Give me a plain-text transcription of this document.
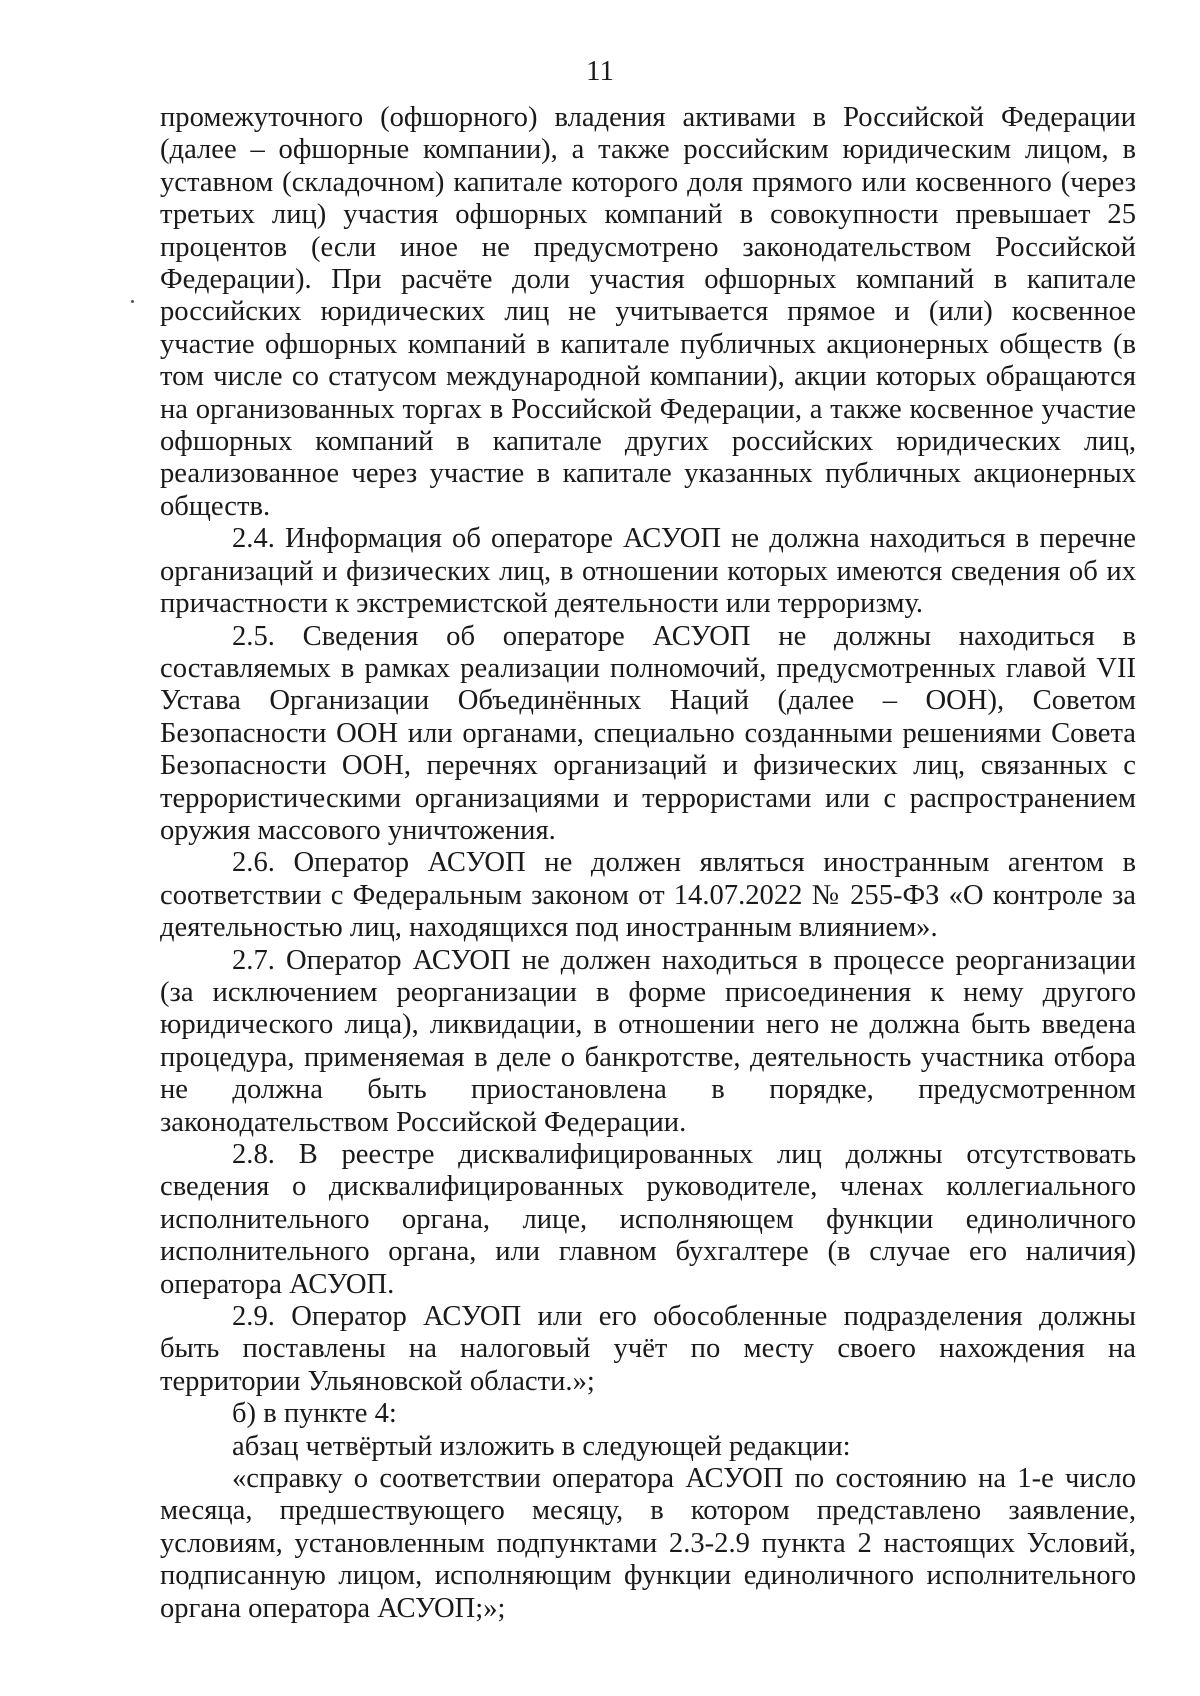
11

промежуточного (офшорного) владения активами в Российской Федерации (далее – офшорные компании), а также российским юридическим лицом, в уставном (складочном) капитале которого доля прямого или косвенного (через третьих лиц) участия офшорных компаний в совокупности превышает 25 процентов (если иное не предусмотрено законодательством Российской Федерации). При расчёте доли участия офшорных компаний в капитале российских юридических лиц не учитывается прямое и (или) косвенное участие офшорных компаний в капитале публичных акционерных обществ (в том числе со статусом международной компании), акции которых обращаются на организованных торгах в Российской Федерации, а также косвенное участие офшорных компаний в капитале других российских юридических лиц, реализованное через участие в капитале указанных публичных акционерных обществ.

2.4. Информация об операторе АСУОП не должна находиться в перечне организаций и физических лиц, в отношении которых имеются сведения об их причастности к экстремистской деятельности или терроризму.

2.5. Сведения об операторе АСУОП не должны находиться в составляемых в рамках реализации полномочий, предусмотренных главой VII Устава Организации Объединённых Наций (далее – ООН), Советом Безопасности ООН или органами, специально созданными решениями Совета Безопасности ООН, перечнях организаций и физических лиц, связанных с террористическими организациями и террористами или с распространением оружия массового уничтожения.

2.6. Оператор АСУОП не должен являться иностранным агентом в соответствии с Федеральным законом от 14.07.2022 № 255-ФЗ «О контроле за деятельностью лиц, находящихся под иностранным влиянием».

2.7. Оператор АСУОП не должен находиться в процессе реорганизации (за исключением реорганизации в форме присоединения к нему другого юридического лица), ликвидации, в отношении него не должна быть введена процедура, применяемая в деле о банкротстве, деятельность участника отбора не должна быть приостановлена в порядке, предусмотренном законодательством Российской Федерации.

2.8. В реестре дисквалифицированных лиц должны отсутствовать сведения о дисквалифицированных руководителе, членах коллегиального исполнительного органа, лице, исполняющем функции единоличного исполнительного органа, или главном бухгалтере (в случае его наличия) оператора АСУОП.

2.9. Оператор АСУОП или его обособленные подразделения должны быть поставлены на налоговый учёт по месту своего нахождения на территории Ульяновской области.»;

б) в пункте 4:

абзац четвёртый изложить в следующей редакции:

«справку о соответствии оператора АСУОП по состоянию на 1-е число месяца, предшествующего месяцу, в котором представлено заявление, условиям, установленным подпунктами 2.3-2.9 пункта 2 настоящих Условий, подписанную лицом, исполняющим функции единоличного исполнительного органа оператора АСУОП;»;
